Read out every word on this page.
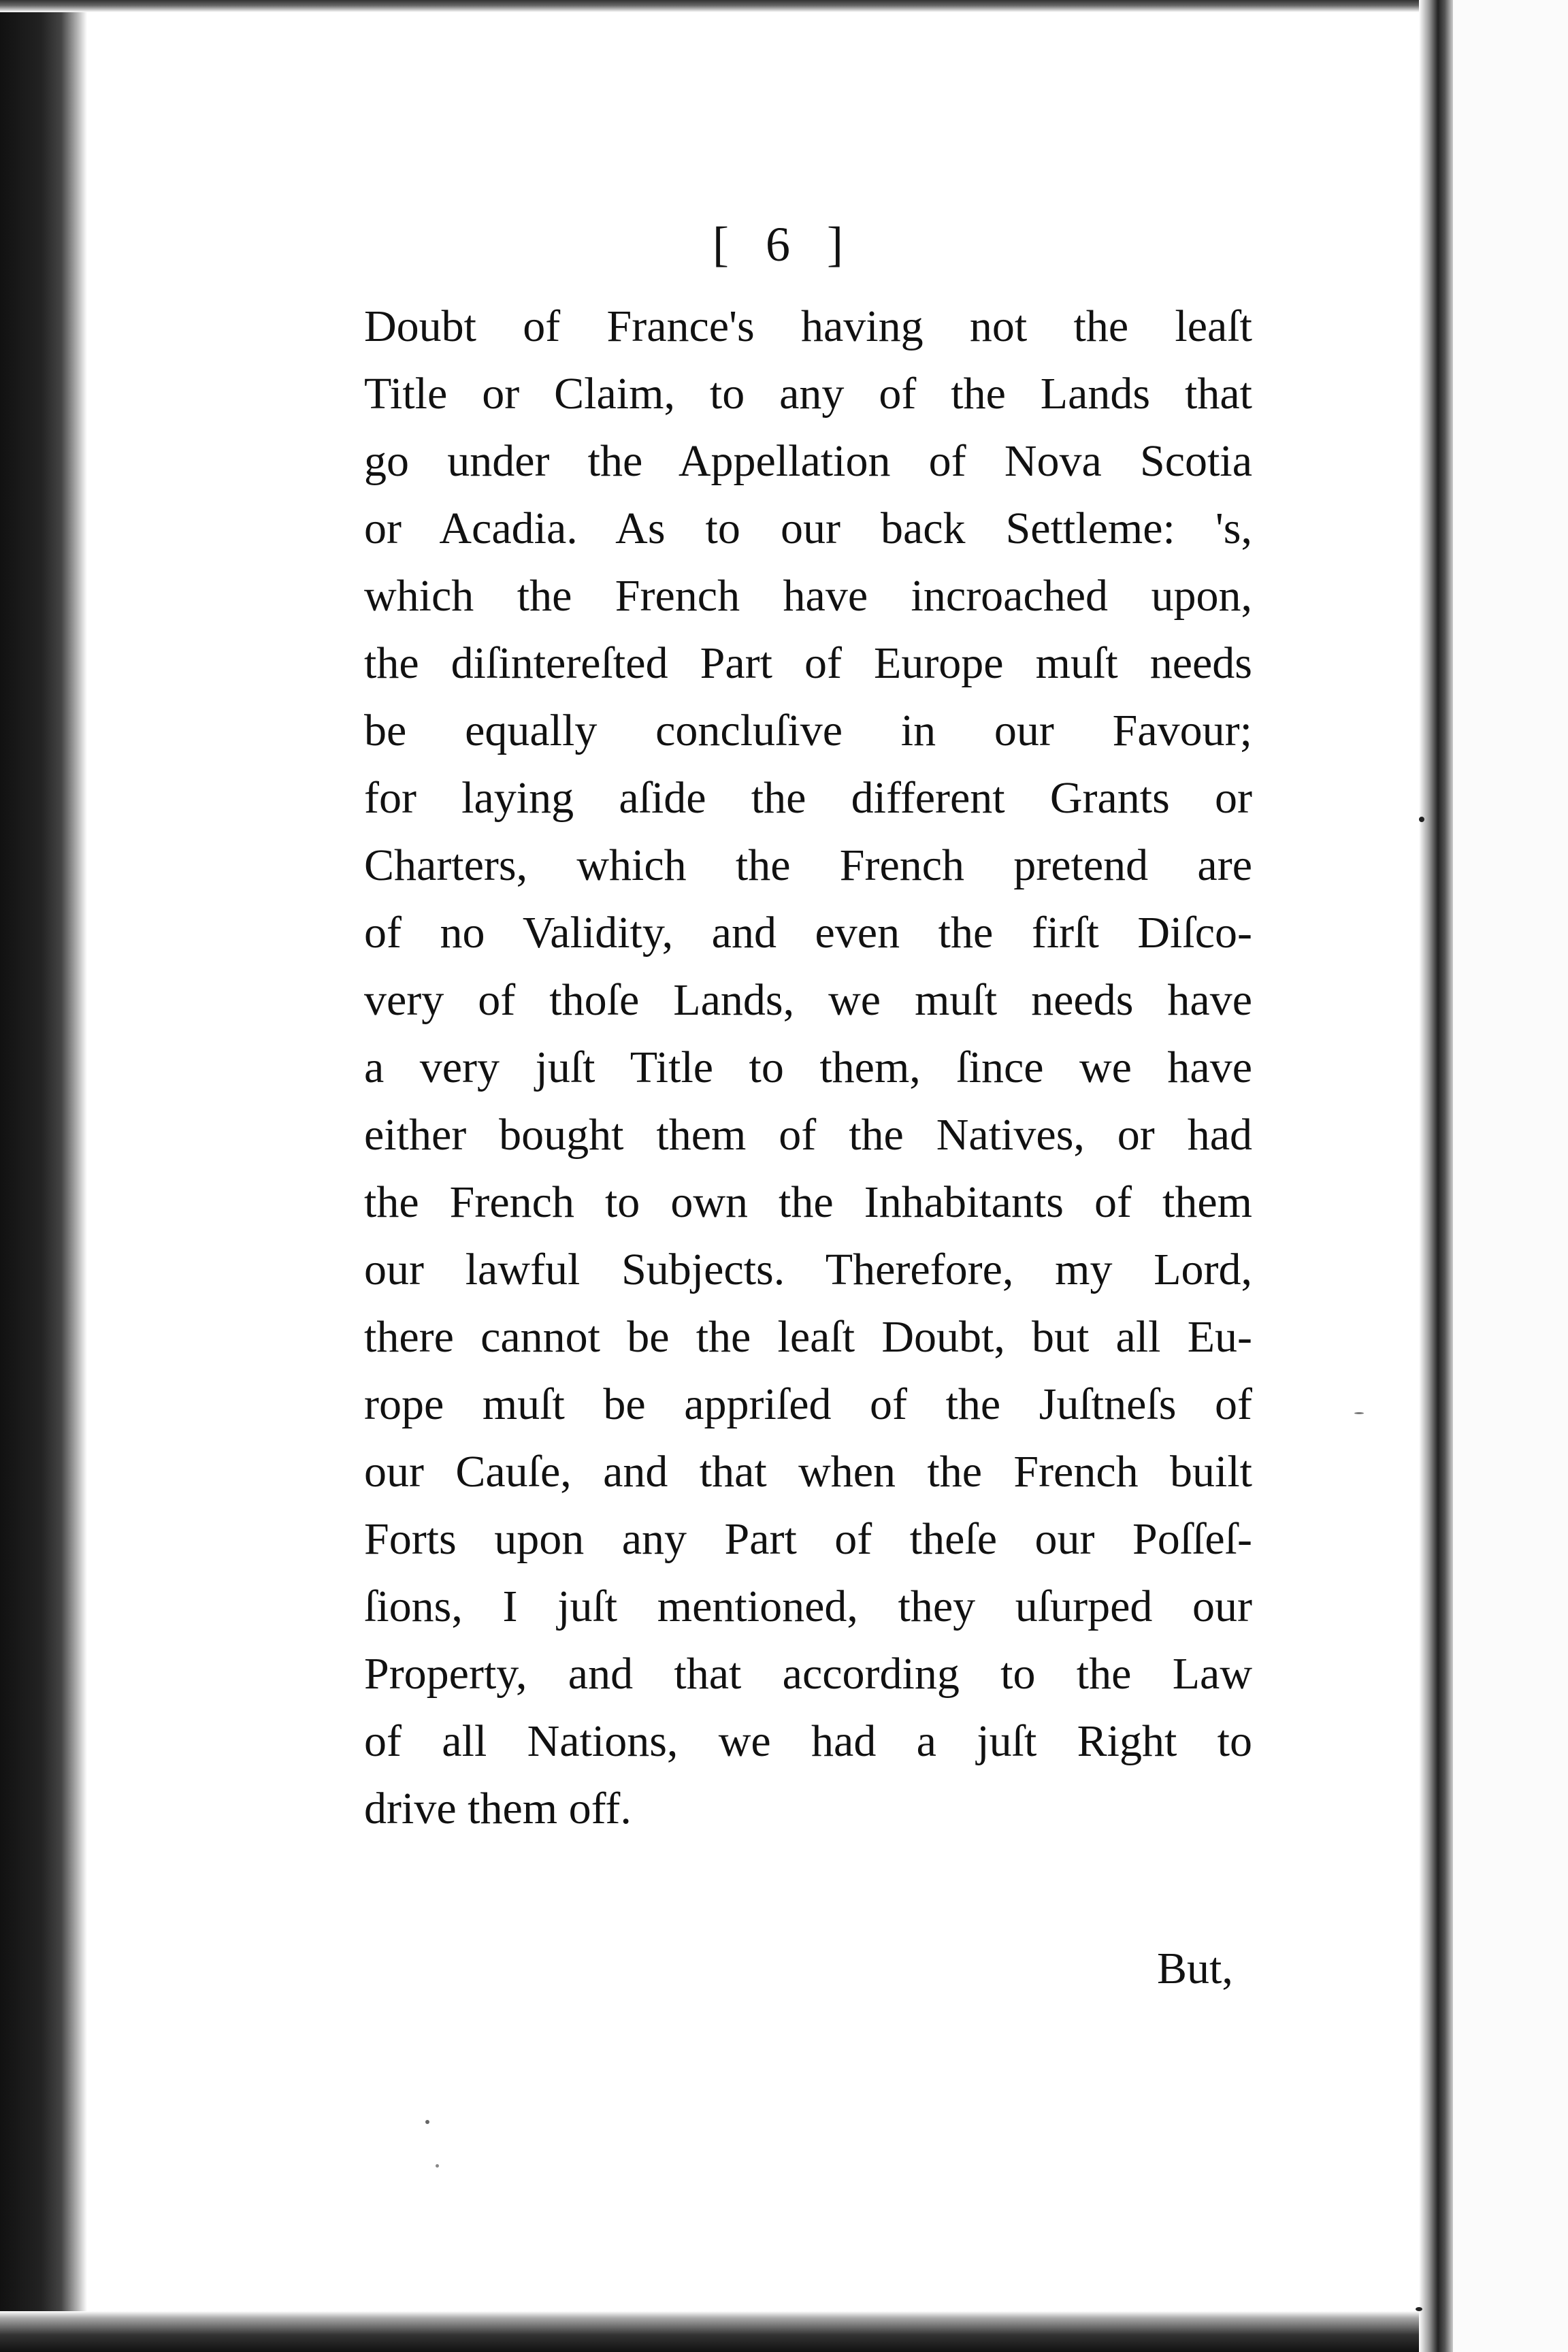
[ 6 ]
Doubt of France's having not the leaſt
Title or Claim, to any of the Lands that
go under the Appellation of Nova Scotia
or Acadia. As to our back Settleme: 's,
which the French have incroached upon,
the diſintereſted Part of Europe muſt needs
be equally concluſive in our Favour;
for laying aſide the different Grants or
Charters, which the French pretend are
of no Validity, and even the firſt Diſco-
very of thoſe Lands, we muſt needs have
a very juſt Title to them, ſince we have
either bought them of the Natives, or had
the French to own the Inhabitants of them
our lawful Subjects. Therefore, my Lord,
there cannot be the leaſt Doubt, but all Eu-
rope muſt be appriſed of the Juſtneſs of
our Cauſe, and that when the French built
Forts upon any Part of theſe our Poſſeſ-
ſions, I juſt mentioned, they uſurped our
Property, and that according to the Law
of all Nations, we had a juſt Right to
drive them off.
But,
